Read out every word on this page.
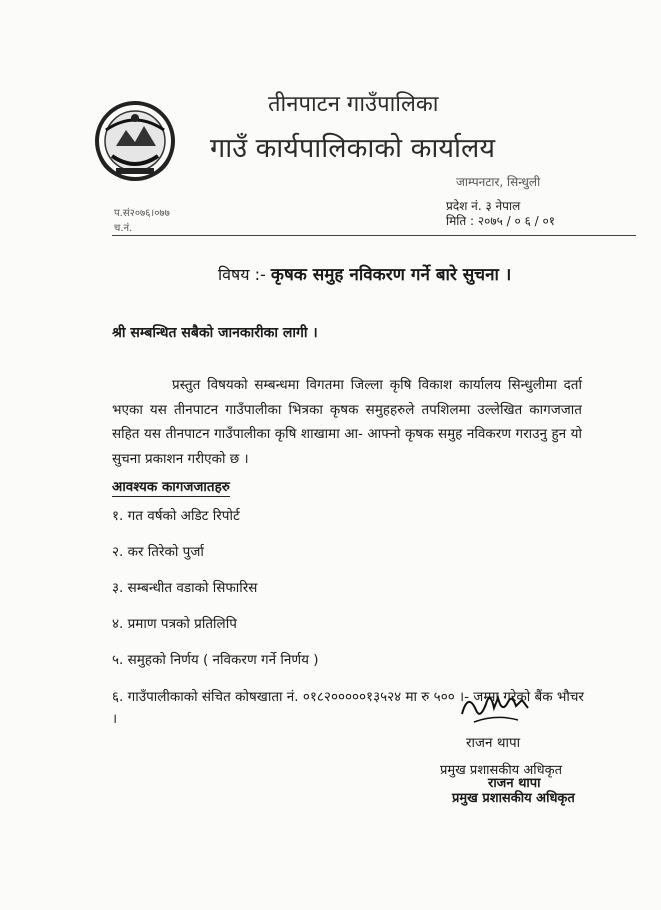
तीनपाटन गाउँपालिका
गाउँ कार्यपालिकाको कार्यालय
जाम्पनटार, सिन्धुली
प्रदेश नं. ३ नेपाल
मिति : २०७५ / ० ६ / ०१
प.सं२०७६।०७७
च.नं.
विषय :- कृषक समुह नविकरण गर्ने बारे सुचना ।
श्री सम्बन्धित सबैको जानकारीका लागी ।
प्रस्तुत विषयको सम्बन्धमा विगतमा जिल्ला कृषि विकाश कार्यालय सिन्धुलीमा दर्ता भएका यस तीनपाटन गाउँपालीका भित्रका कृषक समुहहरुले तपशिलमा उल्लेखित कागजजात सहित यस तीनपाटन गाउँपालीका कृषि शाखामा आ- आफ्नो कृषक समुह नविकरण गराउनु हुन यो सुचना प्रकाशन गरीएको छ ।
आवश्यक कागजजातहरु
१. गत वर्षको अडिट रिपोर्ट
२. कर तिरेको पुर्जा
३. सम्बन्धीत वडाको सिफारिस
४. प्रमाण पत्रको प्रतिलिपि
५. समुहको निर्णय ( नविकरण गर्ने निर्णय )
६. गाउँपालीकाको संचित कोषखाता नं. ०१८२०००००१३५२४ मा रु ५०० ।- जम्मा गरेको बैंक भौचर ।
राजन थापा
प्रमुख प्रशासकीय अधिकृत
राजन थापा
प्रमुख प्रशासकीय अधिकृत
